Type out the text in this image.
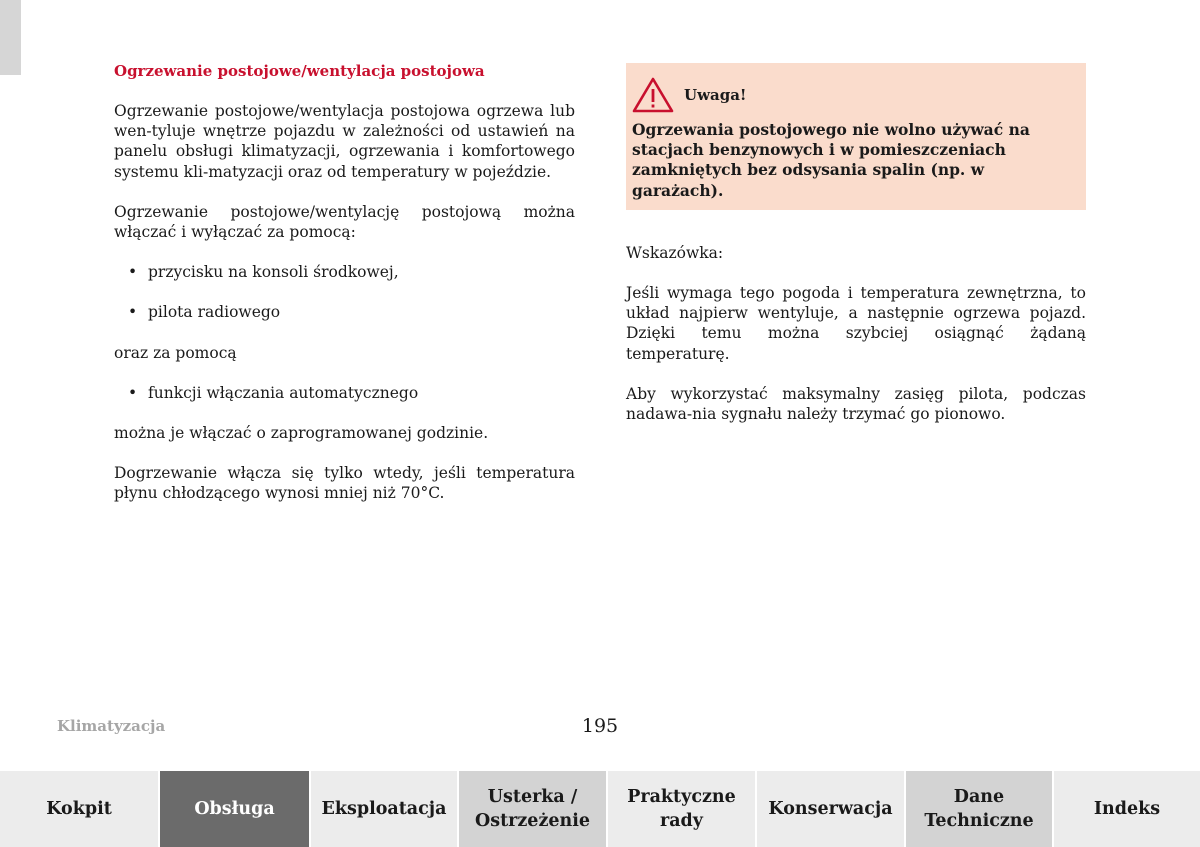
Ogrzewanie postojowe/wentylacja postojowa

Ogrzewanie postojowe/wentylacja postojowa ogrzewa lub wen-tyluje wnętrze pojazdu w zależności od ustawień na panelu obsługi klimatyzacji, ogrzewania i komfortowego systemu kli-matyzacji oraz od temperatury w pojeździe.

Ogrzewanie postojowe/wentylację postojową można włączać i wyłączać za pomocą:

• przycisku na konsoli środkowej,
• pilota radiowego

oraz za pomocą

• funkcji włączania automatycznego

można je włączać o zaprogramowanej godzinie.

Dogrzewanie włącza się tylko wtedy, jeśli temperatura płynu chłodzącego wynosi mniej niż 70°C.

Uwaga!
Ogrzewania postojowego nie wolno używać na stacjach benzynowych i w pomieszczeniach zamkniętych bez odsysania spalin (np. w garażach).

Wskazówka:

Jeśli wymaga tego pogoda i temperatura zewnętrzna, to układ najpierw wentyluje, a następnie ogrzewa pojazd. Dzięki temu można szybciej osiągnąć żądaną temperaturę.

Aby wykorzystać maksymalny zasięg pilota, podczas nadawa-nia sygnału należy trzymać go pionowo.

Klimatyzacja	195
Kokpit	Obsługa	Eksploatacja
Usterka /
Ostrzeżenie
Praktyczne
rady
Konserwacja
Dane
Techniczne
Indeks
